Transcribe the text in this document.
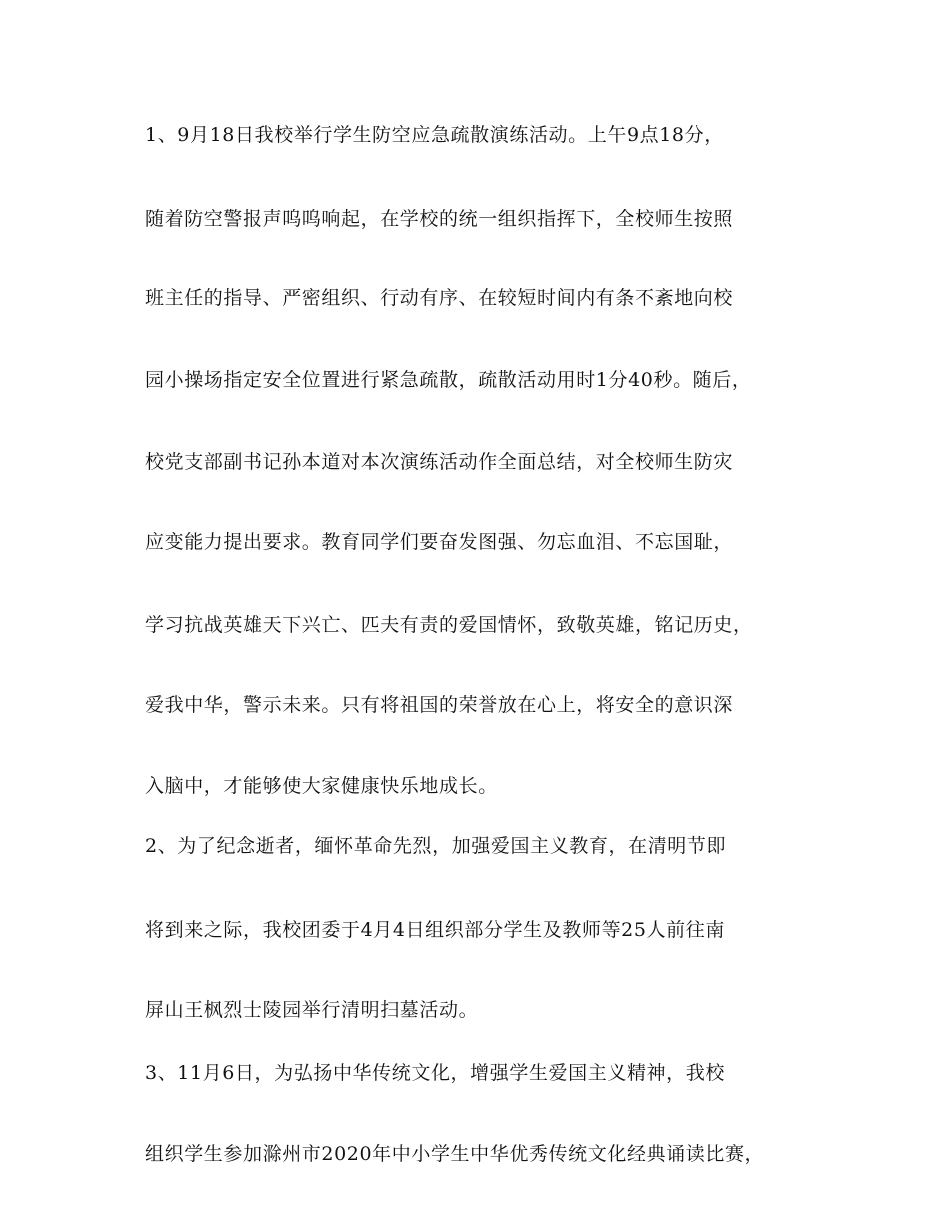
1、9月18日我校举行学生防空应急疏散演练活动。上午9点18分，
随着防空警报声呜呜响起，在学校的统一组织指挥下，全校师生按照
班主任的指导、严密组织、行动有序、在较短时间内有条不紊地向校
园小操场指定安全位置进行紧急疏散，疏散活动用时1分40秒。随后，
校党支部副书记孙本道对本次演练活动作全面总结，对全校师生防灾
应变能力提出要求。教育同学们要奋发图强、勿忘血泪、不忘国耻，
学习抗战英雄天下兴亡、匹夫有责的爱国情怀，致敬英雄，铭记历史，
爱我中华，警示未来。只有将祖国的荣誉放在心上，将安全的意识深
入脑中，才能够使大家健康快乐地成长。
2、为了纪念逝者，缅怀革命先烈，加强爱国主义教育，在清明节即
将到来之际，我校团委于4月4日组织部分学生及教师等25人前往南
屏山王枫烈士陵园举行清明扫墓活动。
3、11月6日，为弘扬中华传统文化，增强学生爱国主义精神，我校
组织学生参加滁州市2020年中小学生中华优秀传统文化经典诵读比赛，
